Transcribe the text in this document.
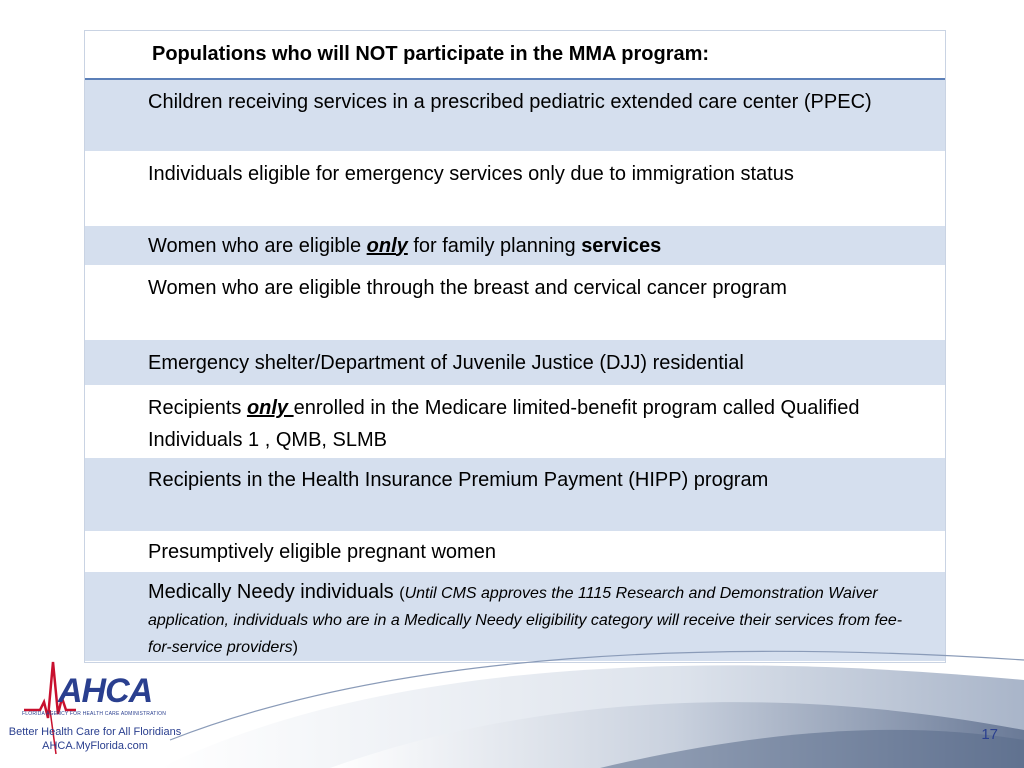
Populations who will NOT participate in the MMA program:
Children receiving services in a prescribed pediatric extended care center (PPEC)
Individuals eligible for emergency services only due to immigration status
Women who are eligible only for family planning services
Women who are eligible through the breast and cervical cancer program
Emergency shelter/Department of Juvenile Justice (DJJ) residential
Recipients only enrolled in the Medicare limited-benefit program called Qualified Individuals 1 , QMB, SLMB
Recipients in the Health Insurance Premium Payment (HIPP) program
Presumptively eligible pregnant women
Medically Needy individuals (Until CMS approves the 1115 Research and Demonstration Waiver application, individuals who are in a Medically Needy eligibility category will receive their services from fee-for-service providers)
AHCA
FLORIDA AGENCY FOR HEALTH CARE ADMINISTRATION
Better Health Care for All Floridians
AHCA.MyFlorida.com
17
